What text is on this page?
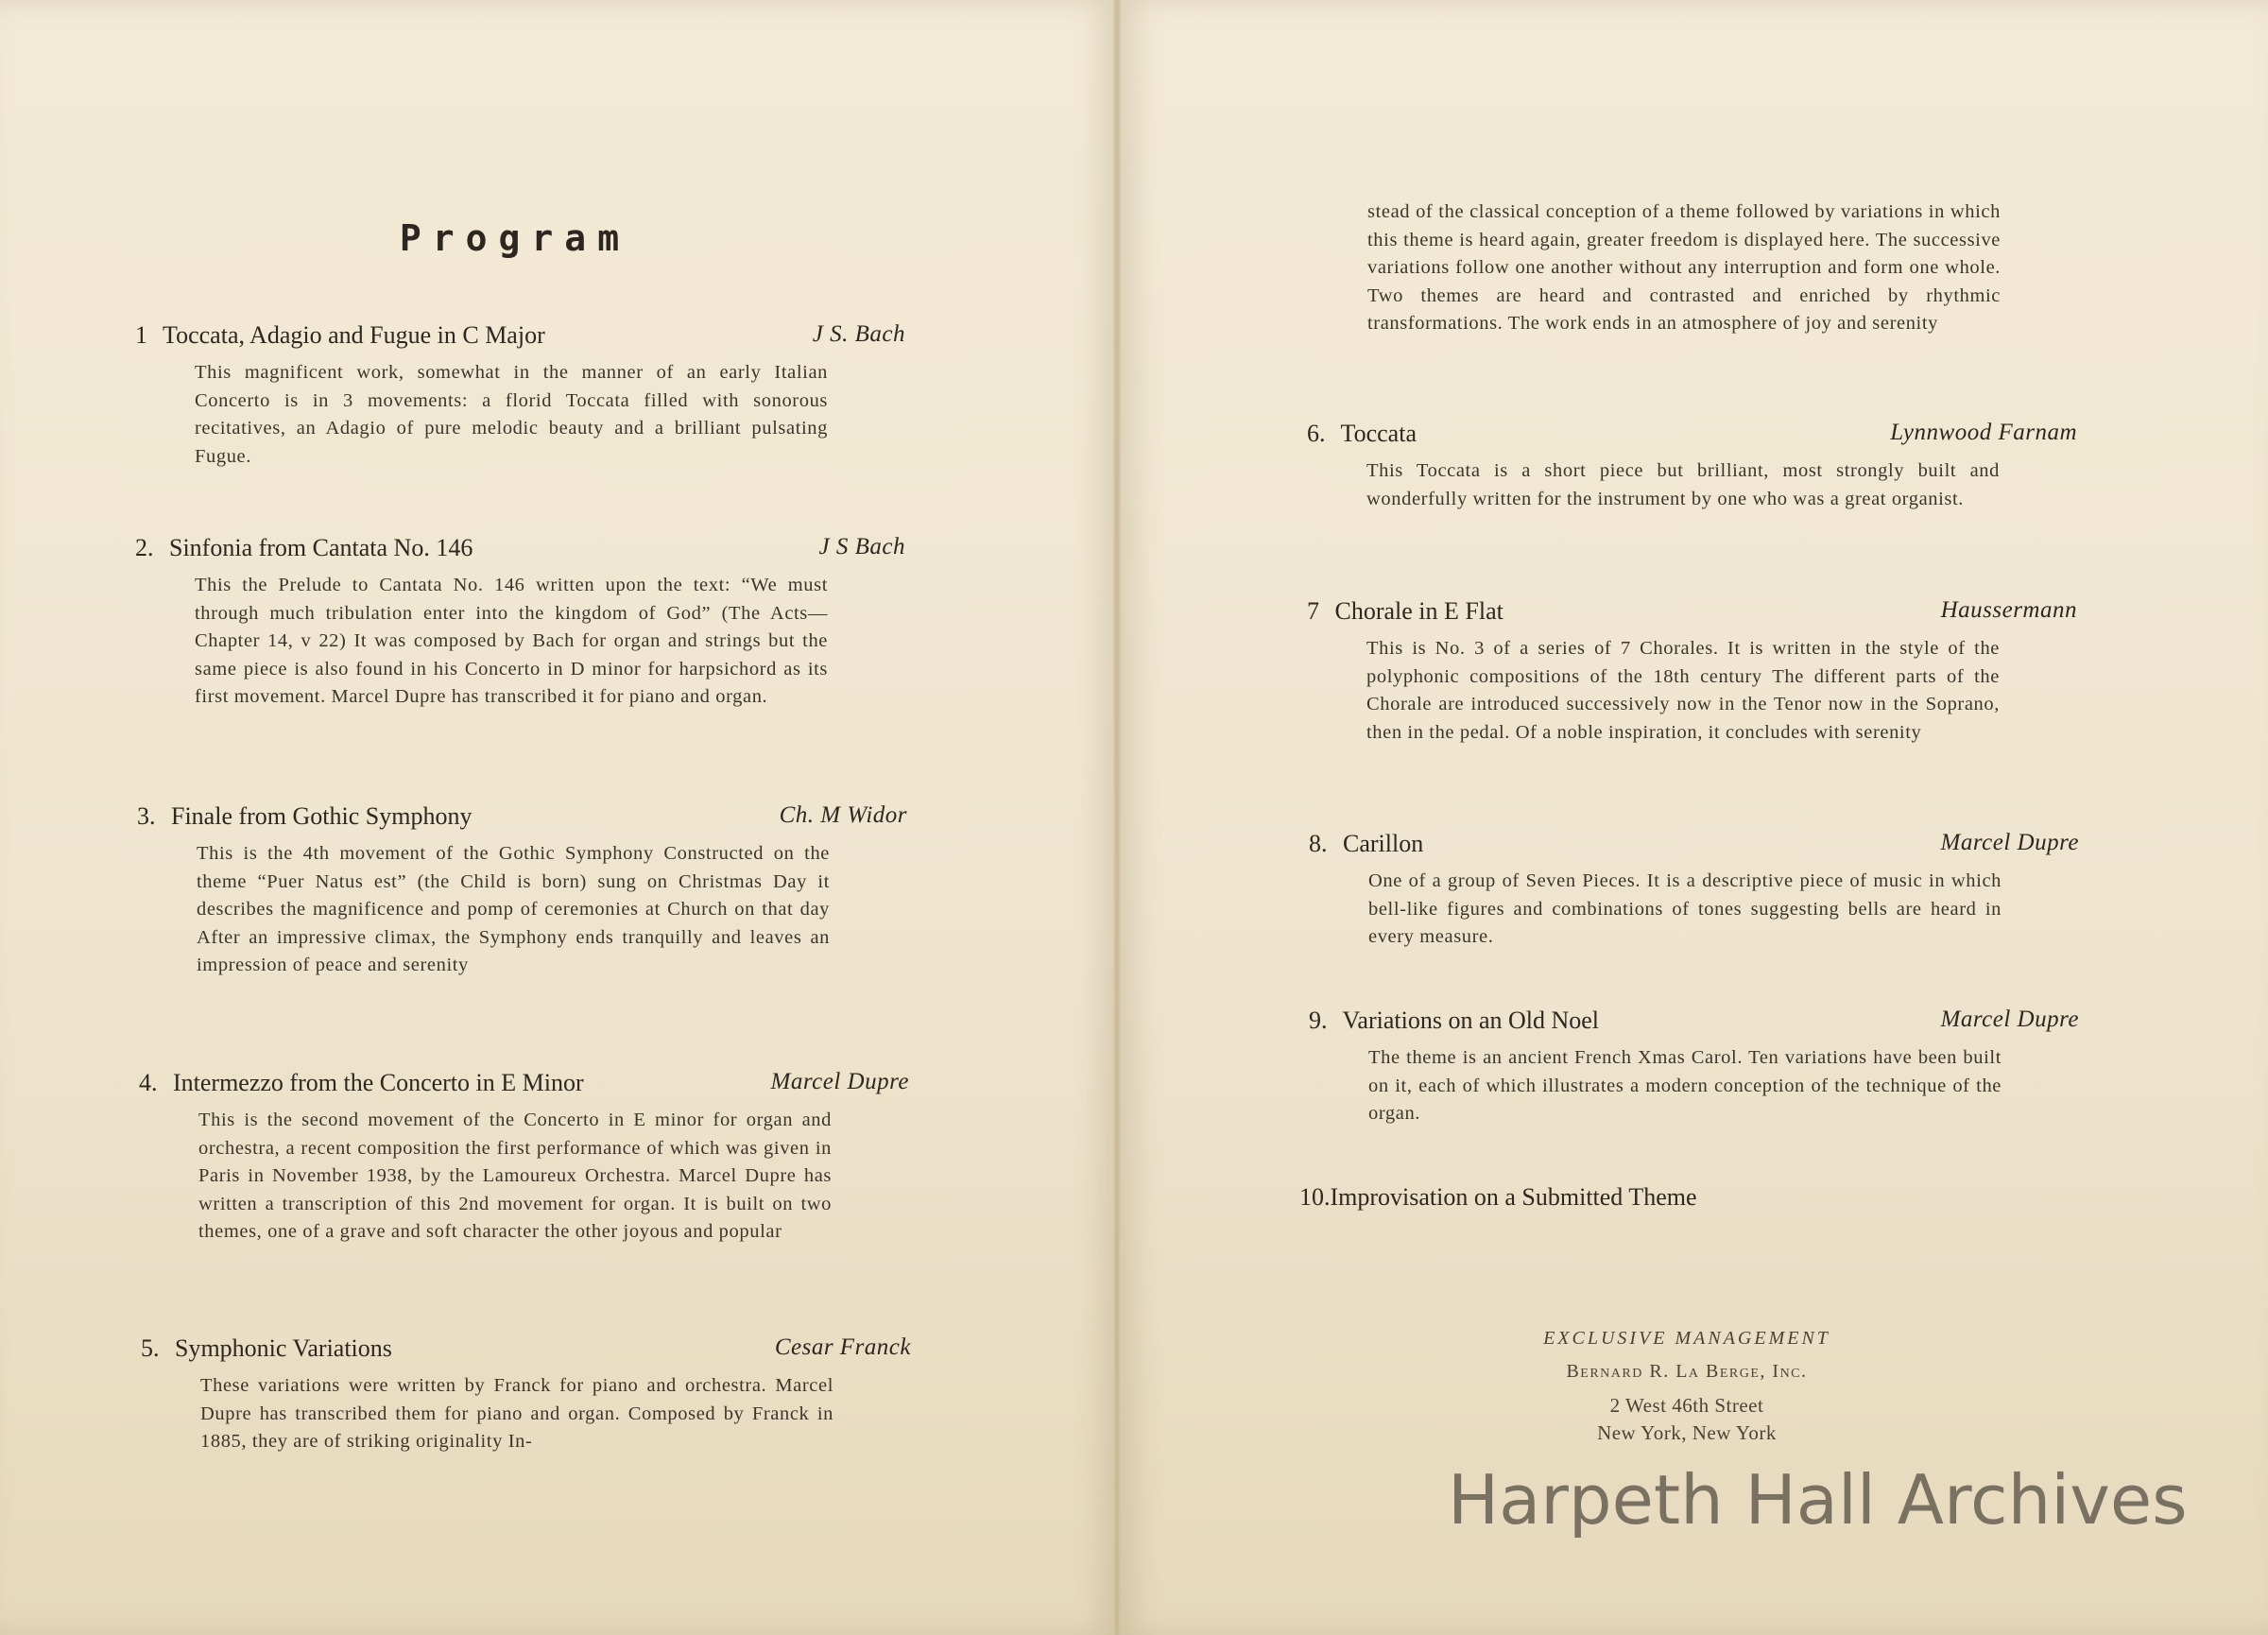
Program
1 Toccata, Adagio and Fugue in C Major	J S. Bach
This magnificent work, somewhat in the manner of an early Italian Concerto is in 3 movements: a florid Toccata filled with sonorous recitatives, an Adagio of pure melodic beauty and a brilliant pulsating Fugue.
2. Sinfonia from Cantata No. 146	J S Bach
This the Prelude to Cantata No. 146 written upon the text: “We must through much tribulation enter into the kingdom of God” (The Acts—Chapter 14, v 22) It was composed by Bach for organ and strings but the same piece is also found in his Concerto in D minor for harpsichord as its first movement. Marcel Dupre has transcribed it for piano and organ.
3. Finale from Gothic Symphony	Ch. M Widor
This is the 4th movement of the Gothic Symphony Constructed on the theme “Puer Natus est” (the Child is born) sung on Christmas Day it describes the magnificence and pomp of ceremonies at Church on that day After an impressive climax, the Symphony ends tranquilly and leaves an impression of peace and serenity
4. Intermezzo from the Concerto in E Minor	Marcel Dupre
This is the second movement of the Concerto in E minor for organ and orchestra, a recent composition the first performance of which was given in Paris in November 1938, by the Lamoureux Orchestra. Marcel Dupre has written a transcription of this 2nd movement for organ. It is built on two themes, one of a grave and soft character the other joyous and popular
5. Symphonic Variations	Cesar Franck
These variations were written by Franck for piano and orchestra. Marcel Dupre has transcribed them for piano and organ. Composed by Franck in 1885, they are of striking originality In-
stead of the classical conception of a theme followed by variations in which this theme is heard again, greater freedom is displayed here. The successive variations follow one another without any interruption and form one whole. Two themes are heard and contrasted and enriched by rhythmic transformations. The work ends in an atmosphere of joy and serenity
6. Toccata	Lynnwood Farnam
This Toccata is a short piece but brilliant, most strongly built and wonderfully written for the instrument by one who was a great organist.
7 Chorale in E Flat	Haussermann
This is No. 3 of a series of 7 Chorales. It is written in the style of the polyphonic compositions of the 18th century The different parts of the Chorale are introduced successively now in the Tenor now in the Soprano, then in the pedal. Of a noble inspiration, it concludes with serenity
8. Carillon	Marcel Dupre
One of a group of Seven Pieces. It is a descriptive piece of music in which bell-like figures and combinations of tones suggesting bells are heard in every measure.
9. Variations on an Old Noel	Marcel Dupre
The theme is an ancient French Xmas Carol. Ten variations have been built on it, each of which illustrates a modern conception of the technique of the organ.
10.Improvisation on a Submitted Theme
EXCLUSIVE MANAGEMENT
Bernard R. La Berge, Inc.
2 West 46th Street
New York, New York
Harpeth Hall Archives
